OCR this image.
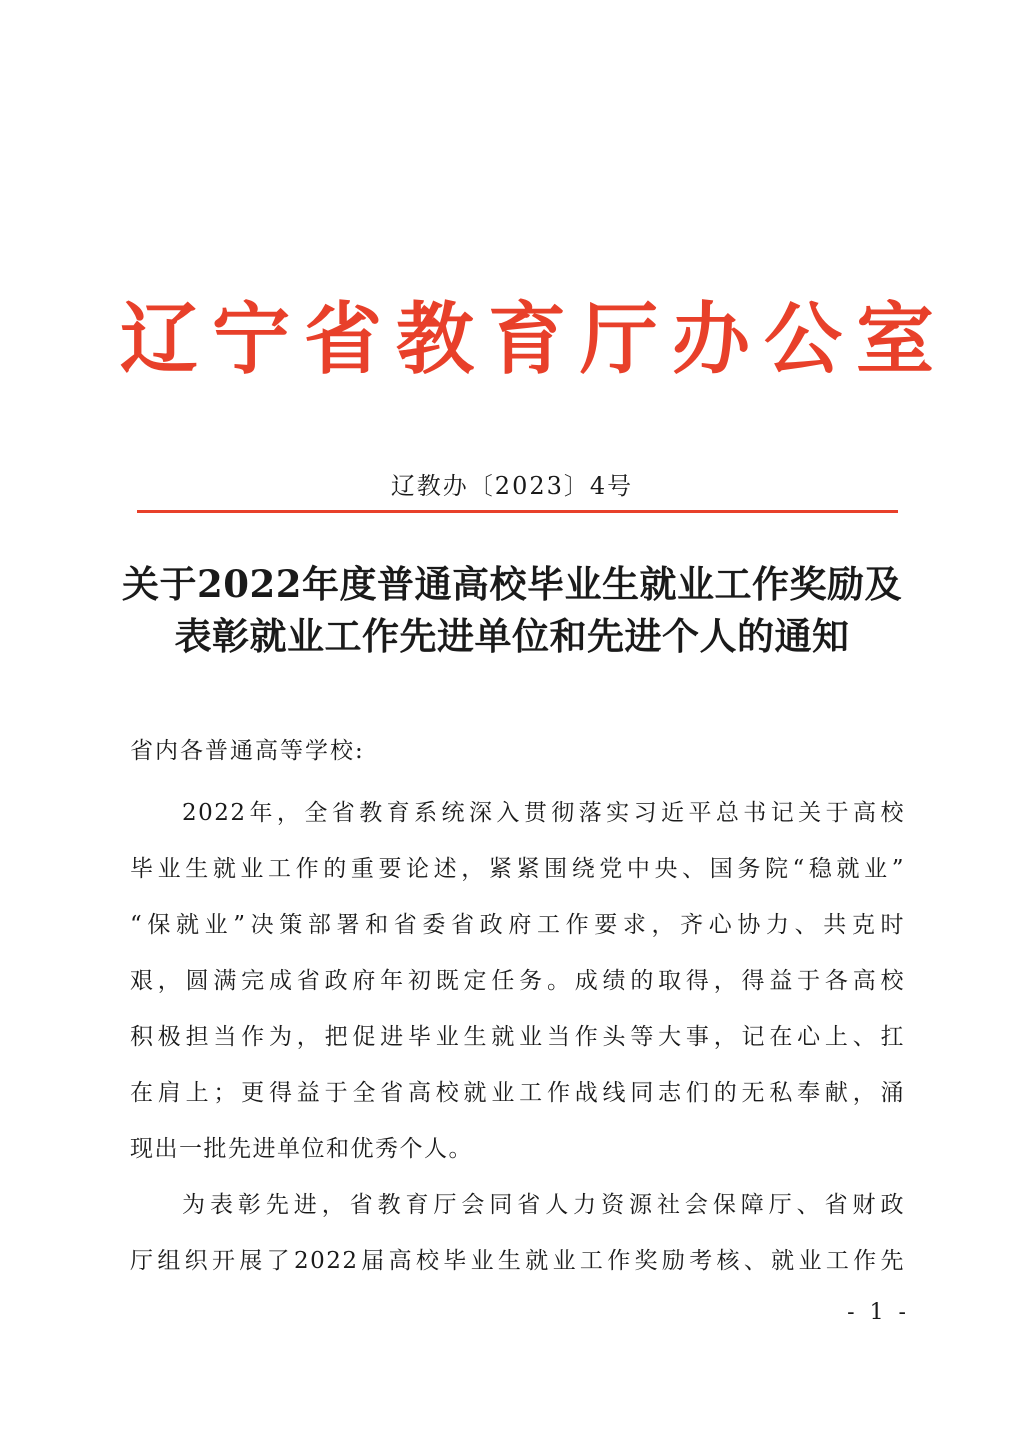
辽宁省教育厅办公室
辽教办〔2023〕4号
关于2022年度普通高校毕业生就业工作奖励及
表彰就业工作先进单位和先进个人的通知
省内各普通高等学校:

2022年，全省教育系统深入贯彻落实习近平总书记关于高校
毕业生就业工作的重要论述，紧紧围绕党中央、国务院“稳就业”
“保就业”决策部署和省委省政府工作要求，齐心协力、共克时
艰，圆满完成省政府年初既定任务。成绩的取得，得益于各高校
积极担当作为，把促进毕业生就业当作头等大事，记在心上、扛
在肩上；更得益于全省高校就业工作战线同志们的无私奉献，涌
现出一批先进单位和优秀个人。

为表彰先进，省教育厅会同省人力资源社会保障厅、省财政
厅组织开展了2022届高校毕业生就业工作奖励考核、就业工作先

- 1 -
